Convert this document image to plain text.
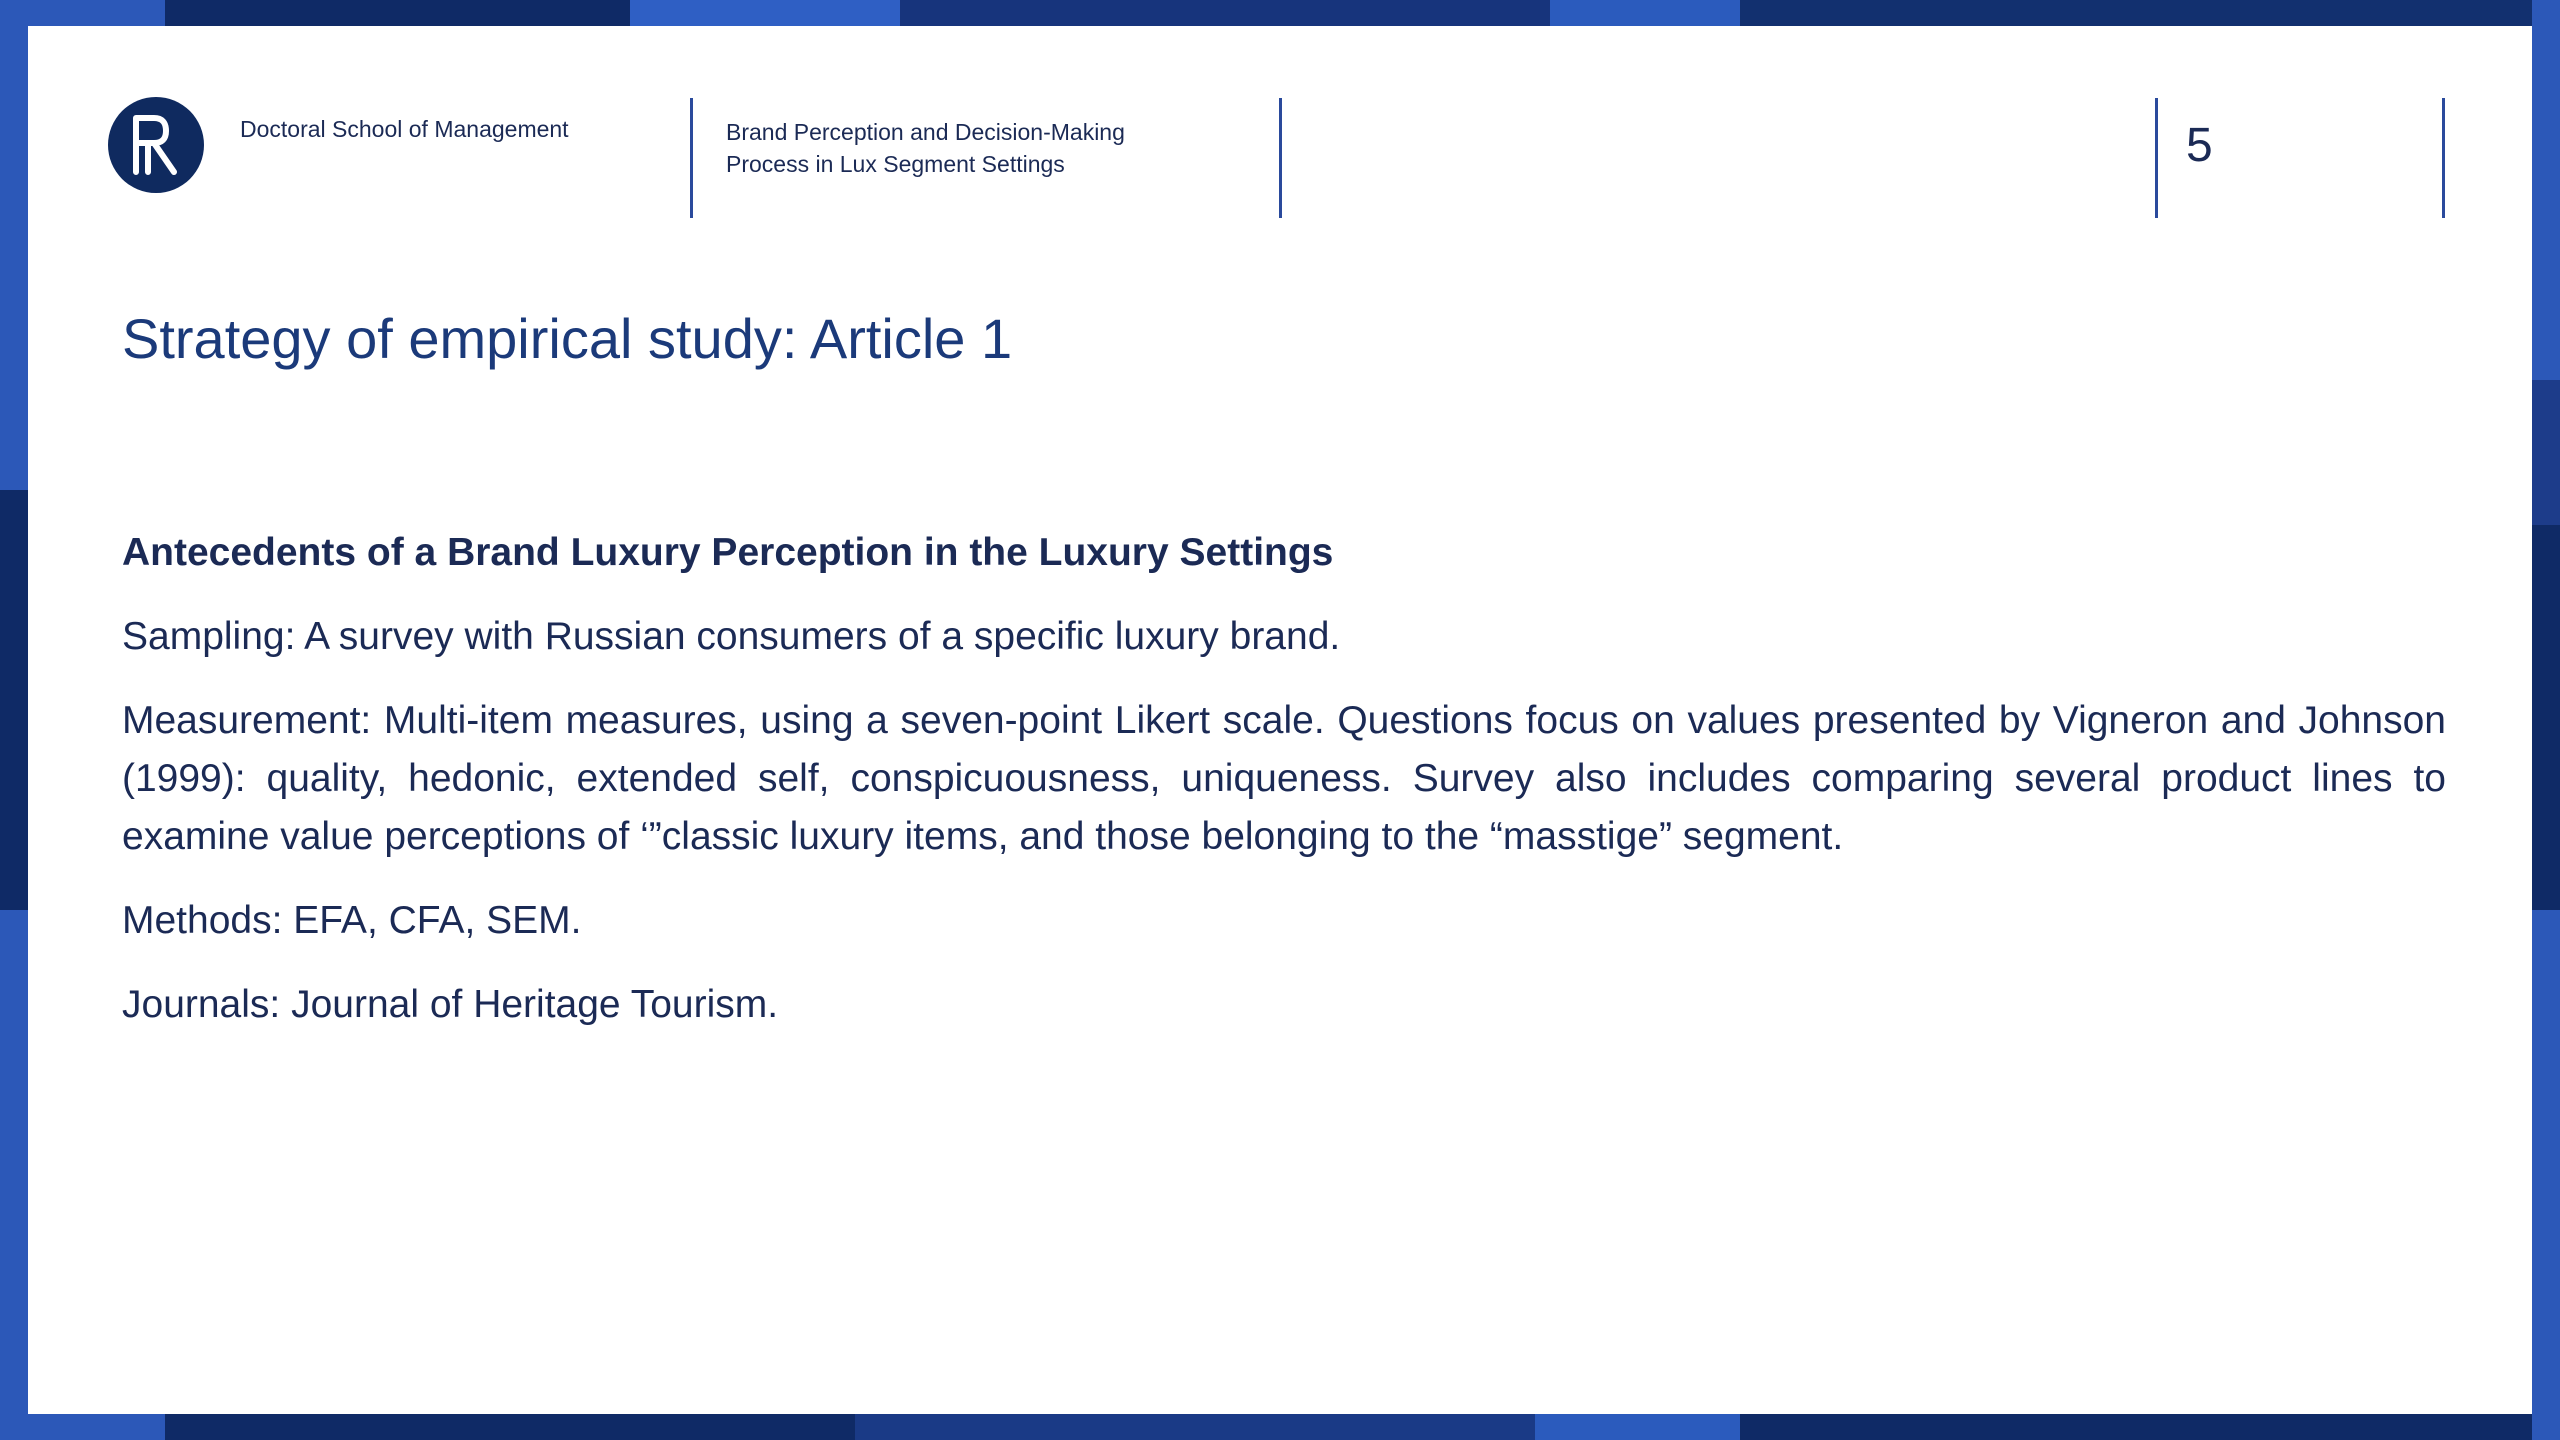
Doctoral School of Management	Brand Perception and Decision-Making
Process in Lux Segment Settings	5
Strategy of empirical study: Article 1
Antecedents of a Brand Luxury Perception in the Luxury Settings

Sampling: A survey with Russian consumers of a specific luxury brand.

Measurement: Multi-item measures, using a seven-point Likert scale. Questions focus on values presented by Vigneron and Johnson (1999): quality, hedonic, extended self, conspicuousness, uniqueness. Survey also includes comparing several product lines to examine value perceptions of ‘”classic luxury items, and those belonging to the “masstige” segment.

Methods: EFA, CFA, SEM.

Journals: Journal of Heritage Tourism.
